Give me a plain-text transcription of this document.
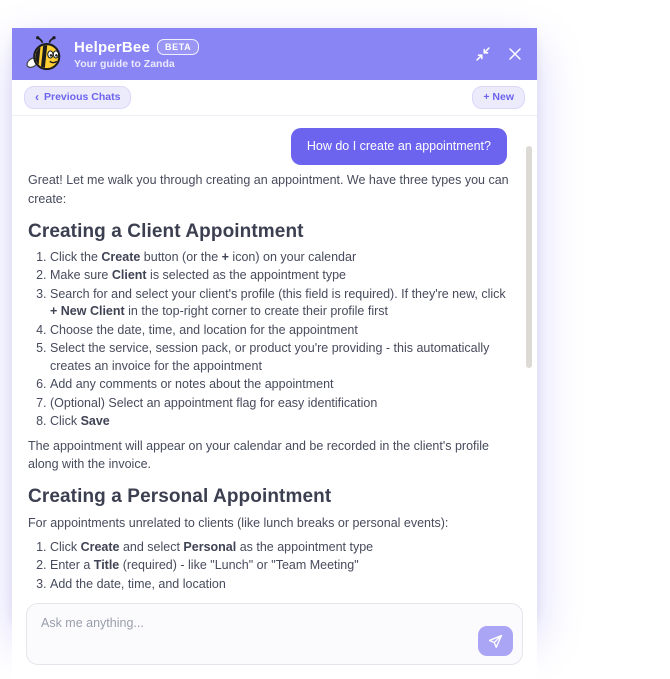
HelperBee	BETA
Your guide to Zanda
‹ Previous Chats	+ New
How do I create an appointment?

Great! Let me walk you through creating an appointment. We have three types you can create:

Creating a Client Appointment
1. Click the Create button (or the + icon) on your calendar
2. Make sure Client is selected as the appointment type
3. Search for and select your client's profile (this field is required). If they're new, click + New Client in the top-right corner to create their profile first
4. Choose the date, time, and location for the appointment
5. Select the service, session pack, or product you're providing - this automatically creates an invoice for the appointment
6. Add any comments or notes about the appointment
7. (Optional) Select an appointment flag for easy identification
8. Click Save

The appointment will appear on your calendar and be recorded in the client's profile along with the invoice.

Creating a Personal Appointment

For appointments unrelated to clients (like lunch breaks or personal events):

1. Click Create and select Personal as the appointment type
2. Enter a Title (required) - like "Lunch" or "Team Meeting"
3. Add the date, time, and location
Ask me anything...
